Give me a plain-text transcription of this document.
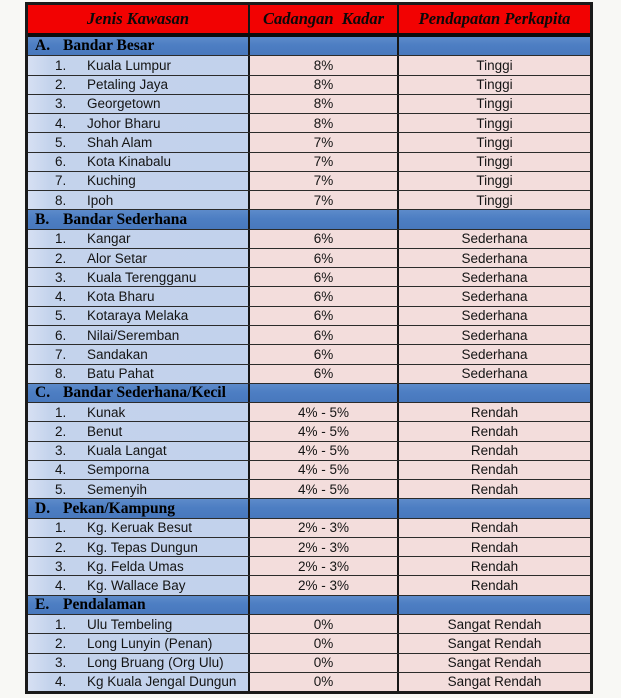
Jenis Kawasan	Cadangan  Kadar	Pendapatan Perkapita
A. Bandar Besar
1.	Kuala Lumpur	8%	Tinggi
2.	Petaling Jaya	8%	Tinggi
3.	Georgetown	8%	Tinggi
4.	Johor Bharu	8%	Tinggi
5.	Shah Alam	7%	Tinggi
6.	Kota Kinabalu	7%	Tinggi
7.	Kuching	7%	Tinggi
8.	Ipoh	7%	Tinggi
B. Bandar Sederhana
1.	Kangar	6%	Sederhana
2.	Alor Setar	6%	Sederhana
3.	Kuala Terengganu	6%	Sederhana
4.	Kota Bharu	6%	Sederhana
5.	Kotaraya Melaka	6%	Sederhana
6.	Nilai/Seremban	6%	Sederhana
7.	Sandakan	6%	Sederhana
8.	Batu Pahat	6%	Sederhana
C. Bandar Sederhana/Kecil
1.	Kunak	4% - 5%	Rendah
2.	Benut	4% - 5%	Rendah
3.	Kuala Langat	4% - 5%	Rendah
4.	Semporna	4% - 5%	Rendah
5.	Semenyih	4% - 5%	Rendah
D. Pekan/Kampung
1.	Kg. Keruak Besut	2% - 3%	Rendah
2.	Kg. Tepas Dungun	2% - 3%	Rendah
3.	Kg. Felda Umas	2% - 3%	Rendah
4.	Kg. Wallace Bay	2% - 3%	Rendah
E. Pendalaman
1.	Ulu Tembeling	0%	Sangat Rendah
2.	Long Lunyin (Penan)	0%	Sangat Rendah
3.	Long Bruang (Org Ulu)	0%	Sangat Rendah
4.	Kg Kuala Jengal Dungun	0%	Sangat Rendah
